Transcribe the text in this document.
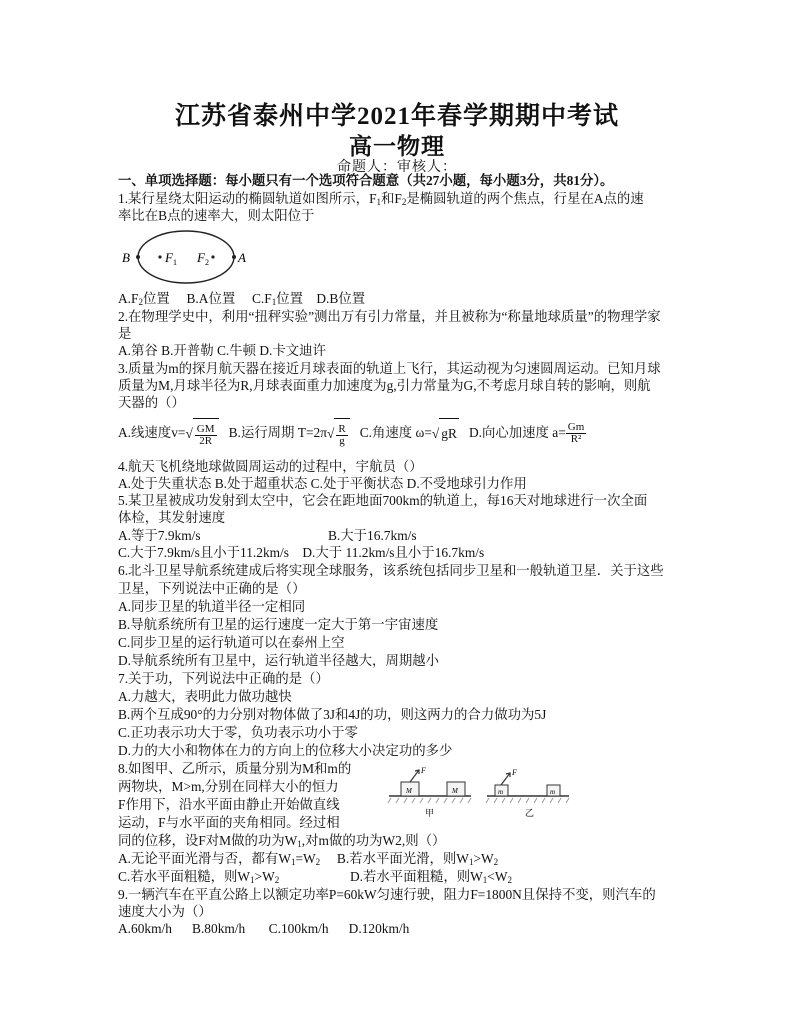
江苏省泰州中学2021年春学期期中考试
高一物理
命题人：审核人：
一、单项选择题：每小题只有一个选项符合题意（共27小题，每小题3分，共81分）。
1.某行星绕太阳运动的椭圆轨道如图所示，$F_1$和$F_2$是椭圆轨道的两个焦点，行星在A点的速
率比在B点的速率大，则太阳位于
B	A
F 1 F 2
$A.F_2$位置 B.A位置 $C.F_1$位置 D.B位置
2.在物理学史中，利用“扭秤实验”测出万有引力常量，并且被称为“称量地球质量”的物理学家
是
A.第谷 B.开普勒 C.牛顿 D.卡文迪许
3.质量为m的探月航天器在接近月球表面的轨道上飞行，其运动视为匀速圆周运动。已知月球
质量为M,月球半径为R,月球表面重力加速度为g,引力常量为G,不考虑月球自转的影响，则航
天器的（）
A.线速度$v=√ \frac{GM}{2R} B$.运行周期 $T=2\pi√ \frac{R}{g} C$.角速度 ω=√ gR D.向心加速度 $a= \frac{Gm}{\text{R²}}$
4.航天飞机绕地球做圆周运动的过程中，宇航员（）
A.处于失重状态 B.处于超重状态 C.处于平衡状态 D.不受地球引力作用
5.某卫星被成功发射到太空中，它会在距地面700km的轨道上，每16天对地球进行一次全面
体检，其发射速度
A.等于7.9km/s	B.大于16.7km/s
C.大于7.9km/s且小于11.2km/s D.大于 11.2km/s且小于16.7km/s
6.北斗卫星导航系统建成后将实现全球服务，该系统包括同步卫星和一般轨道卫星．关于这些
卫星，下列说法中正确的是（）
A.同步卫星的轨道半径一定相同
B.导航系统所有卫星的运行速度一定大于第一宇宙速度
C.同步卫星的运行轨道可以在泰州上空
D.导航系统所有卫星中，运行轨道半径越大，周期越小
7.关于功，下列说法中正确的是（）
A.力越大，表明此力做功越快
B.两个互成90°的力分别对物体做了3J和4J的功，则这两力的合力做功为5J
C.正功表示功大于零，负功表示功小于零
D.力的大小和物体在力的方向上的位移大小决定功的多少
8.如图甲、乙所示，质量分别为M和m的
两物块，M>m,分别在同样大小的恒力
F作用下，沿水平面由静止开始做直线
运动，F与水平面的夹角相同。经过相
同的位移，设F对M做的功为$W_1$,对m做的功为W2,则（）
A.无论平面光滑与否，都有$W_1=W_2$ B.若水平面光滑，则$W_1>W_2$
C.若水平面粗糙，则$W_1>W_2$	D.若水平面粗糙，则$W_1<W_2$
F
M	M
甲
F
m	m
乙
9.一辆汽车在平直公路上以额定功率P=60kW匀速行驶，阻力F=1800N且保持不变，则汽车的
速度大小为（）
A.60km/h B.80km/h C.100km/h D.120km/h
